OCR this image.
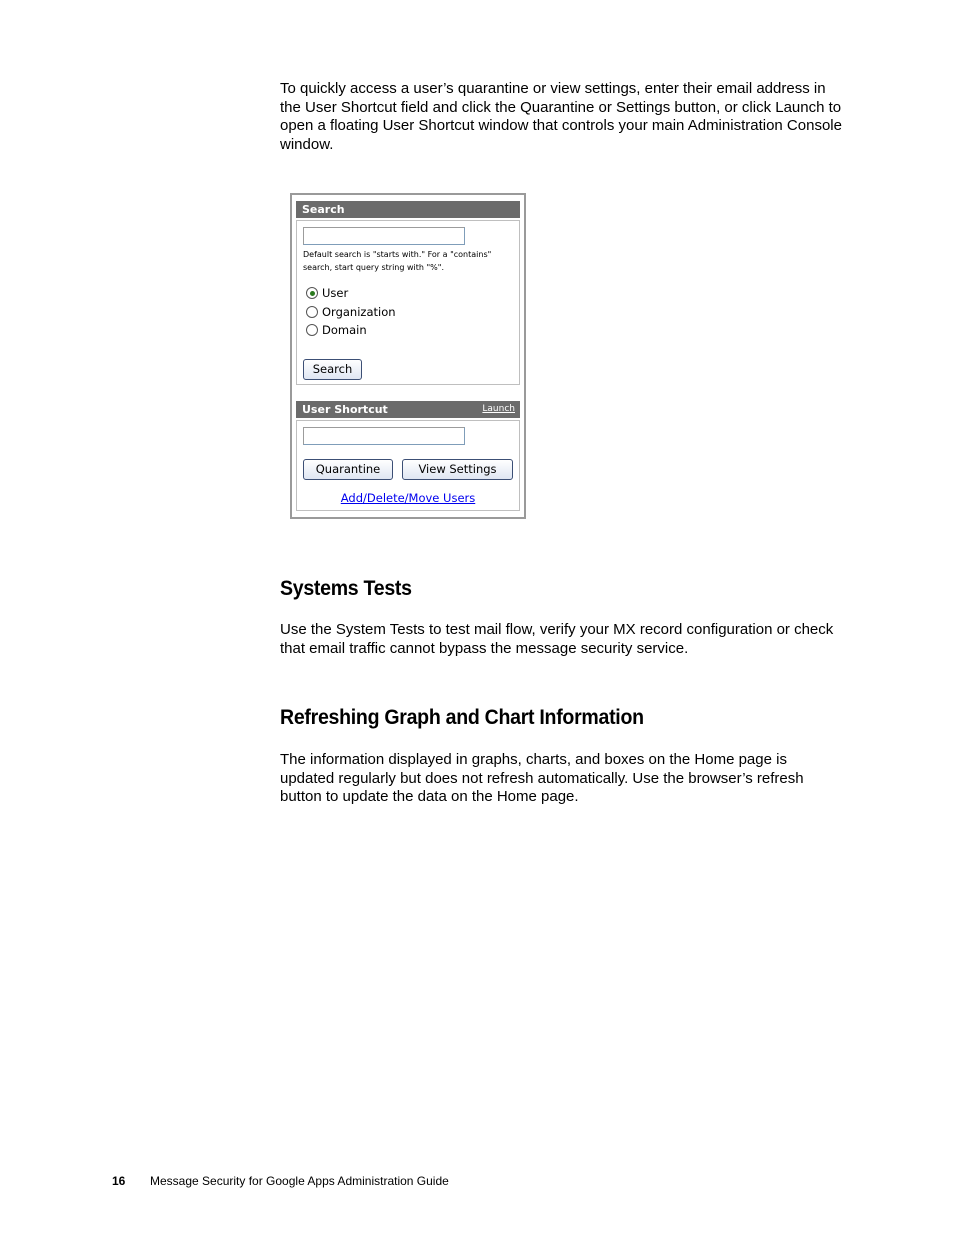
To quickly access a user’s quarantine or view settings, enter their email address in the User Shortcut field and click the Quarantine or Settings button, or click Launch to open a floating User Shortcut window that controls your main Administration Console window.

Search
Default search is "starts with." For a "contains"
search, start query string with "%".
User
Organization
Domain
Search
User Shortcut	Launch
Quarantine	View Settings
Add/Delete/Move Users
Systems Tests

Use the System Tests to test mail flow, verify your MX record configuration or check that email traffic cannot bypass the message security service.

Refreshing Graph and Chart Information

The information displayed in graphs, charts, and boxes on the Home page is updated regularly but does not refresh automatically. Use the browser’s refresh button to update the data on the Home page.

16 Message Security for Google Apps Administration Guide
